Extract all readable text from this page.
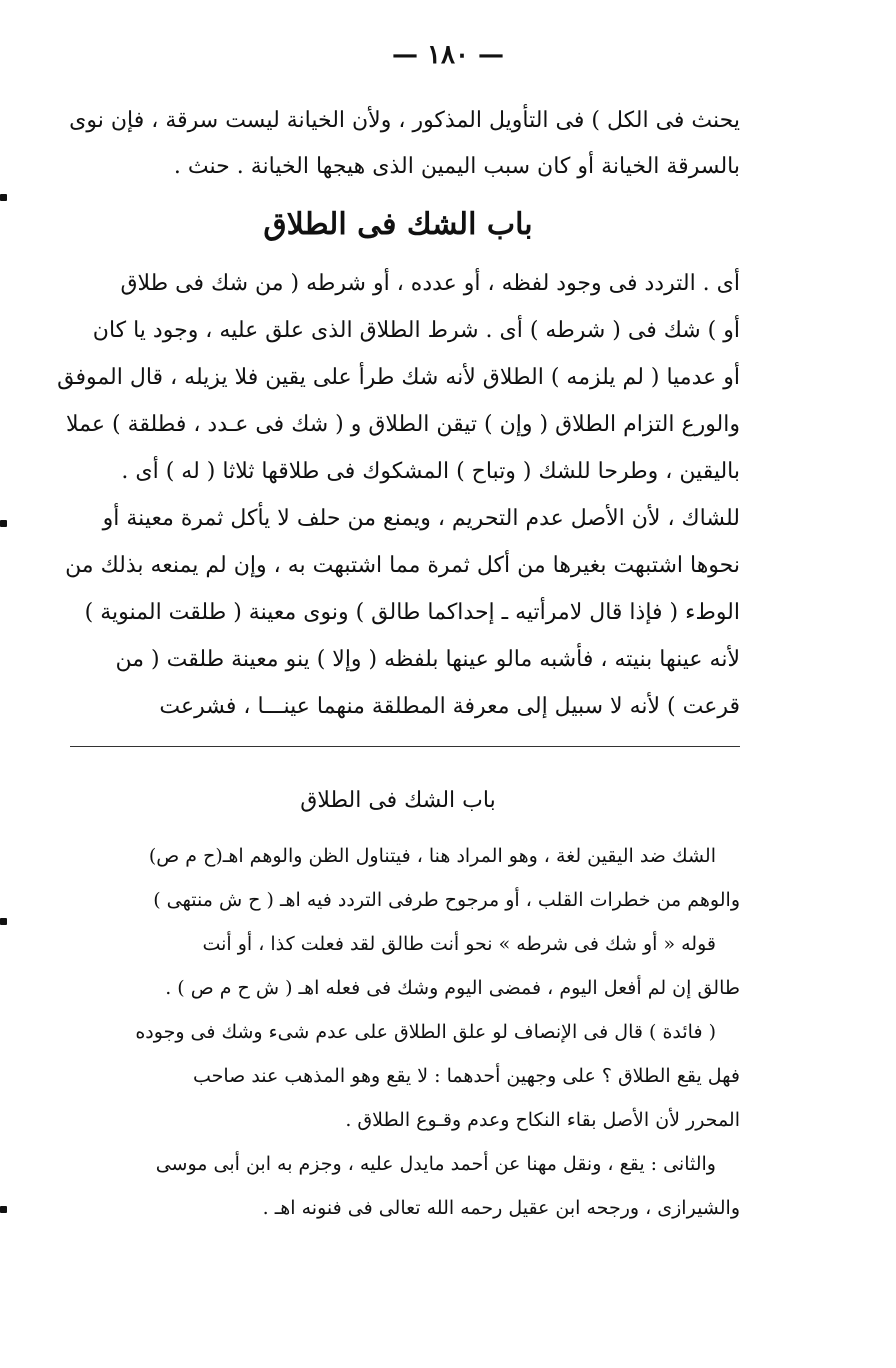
— ١٨٠ —
يحنث فى الكل ) فى التأويل المذكور ، ولأن الخيانة ليست سرقة ، فإن نوى
بالسرقة الخيانة أو كان سبب اليمين الذى هيجها الخيانة . حنث .
باب الشك فى الطلاق
أى . التردد فى وجود لفظه ، أو عدده ، أو شرطه ( من شك فى طلاق
أو ) شك فى ( شرطه ) أى . شرط الطلاق الذى علق عليه ، وجود يا كان
أو عدميا ( لم يلزمه ) الطلاق لأنه شك طرأ على يقين فلا يزيله ، قال الموفق
والورع التزام الطلاق ( وإن ) تيقن الطلاق و ( شك فى عـدد ، فطلقة ) عملا
باليقين ، وطرحا للشك ( وتباح ) المشكوك فى طلاقها ثلاثا ( له ) أى .
للشاك ، لأن الأصل عدم التحريم ، ويمنع من حلف لا يأكل ثمرة معينة أو
نحوها اشتبهت بغيرها من أكل ثمرة مما اشتبهت به ، وإن لم يمنعه بذلك من
الوطء ( فإذا قال لامرأتيه ـ إحداكما طالق ) ونوى معينة ( طلقت المنوية )
لأنه عينها بنيته ، فأشبه مالو عينها بلفظه ( وإلا ) ينو معينة طلقت ( من
قرعت ) لأنه لا سبيل إلى معرفة المطلقة منهما عينـــا ، فشرعت
باب الشك فى الطلاق
الشك ضد اليقين لغة ، وهو المراد هنا ، فيتناول الظن والوهم اهـ(ح م ص)
والوهم من خطرات القلب ، أو مرجوح طرفى التردد فيه اهـ ( ح ش منتهى )
قوله « أو شك فى شرطه » نحو أنت طالق لقد فعلت كذا ، أو أنت
طالق إن لم أفعل اليوم ، فمضى اليوم وشك فى فعله اهـ ( ش ح م ص ) .
( فائدة ) قال فى الإنصاف لو علق الطلاق على عدم شىء وشك فى وجوده
فهل يقع الطلاق ؟ على وجهين أحدهما : لا يقع وهو المذهب عند صاحب
المحرر لأن الأصل بقاء النكاح وعدم وقـوع الطلاق .
والثانى : يقع ، ونقل مهنا عن أحمد مايدل عليه ، وجزم به ابن أبى موسى
والشيرازى ، ورجحه ابن عقيل رحمه الله تعالى فى فنونه اهـ .
